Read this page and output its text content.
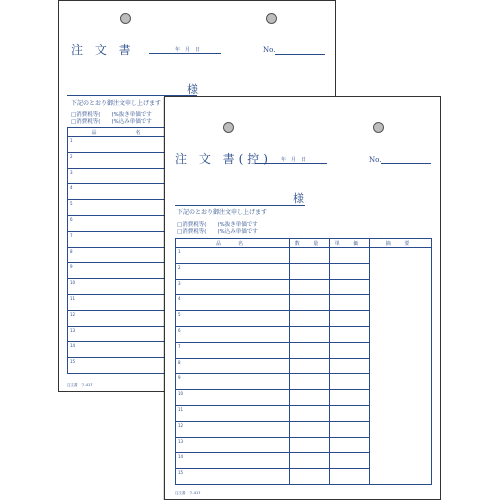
注 文 書	年　月　日	No.
様
下記のとおり御注文申し上げます
□消費税等(　　)%抜き単価です
□消費税等(　　)%込み単価です
品　　　	名

1

2

3

4

5

6

7

8

9

10

11

12

13

14

15
注文書　ラ-417
注 文 書(控) 年　月　日	No.
様
下記のとおり御注文申し上げます
□消費税等(　　)%抜き単価です
□消費税等(　　)%込み単価です
品　名	数 量	単 価	摘 要

1			

2			

3			

4			

5			

6			

7			

8			

9			

10			

11			

12			

13			

14			

15			

注文書　ラ-417
